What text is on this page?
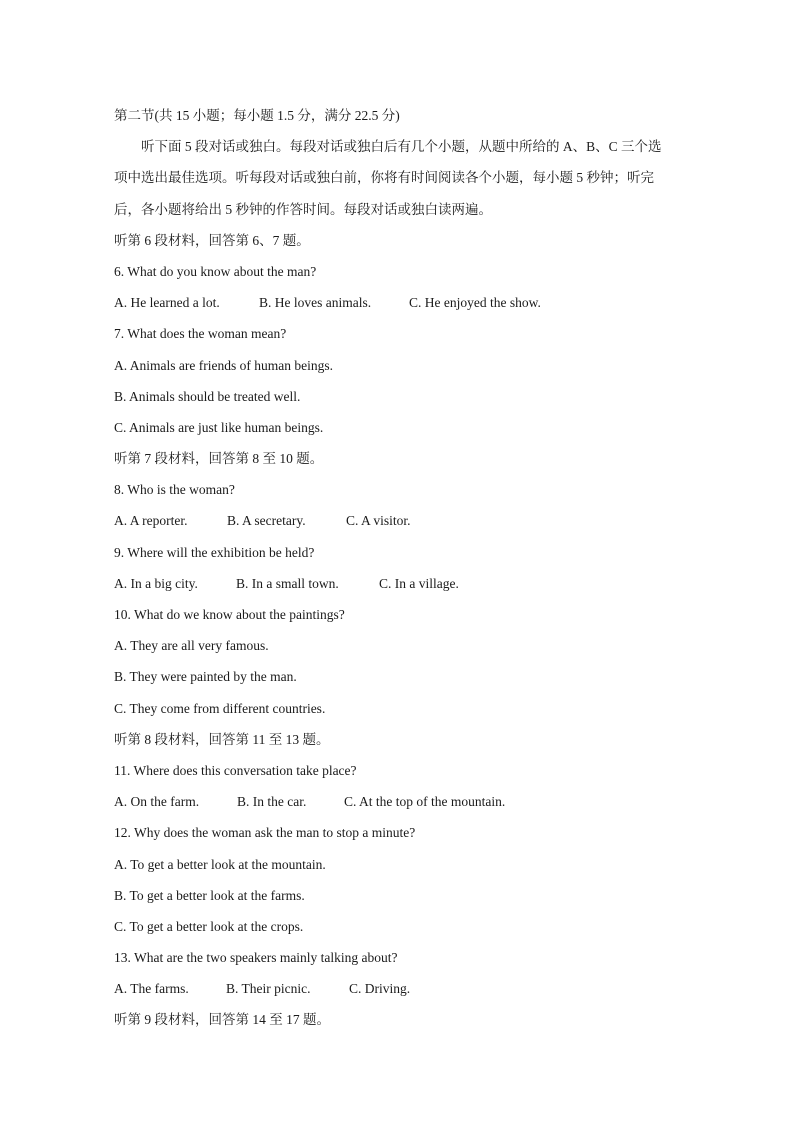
第二节(共 15 小题；每小题 1.5 分，满分 22.5 分)
听下面 5 段对话或独白。每段对话或独白后有几个小题，从题中所给的 A、B、C 三个选
项中选出最佳选项。听每段对话或独白前，你将有时间阅读各个小题，每小题 5 秒钟；听完
后，各小题将给出 5 秒钟的作答时间。每段对话或独白读两遍。
听第 6 段材料，回答第 6、7 题。
6. What do you know about the man?
A. He learned a lot.	B. He loves animals.	C. He enjoyed the show.
7. What does the woman mean?
A. Animals are friends of human beings.
B. Animals should be treated well.
C. Animals are just like human beings.
听第 7 段材料，回答第 8 至 10 题。
8. Who is the woman?
A. A reporter.	B. A secretary.	C. A visitor.
9. Where will the exhibition be held?
A. In a big city.	B. In a small town.	C. In a village.
10. What do we know about the paintings?
A. They are all very famous.
B. They were painted by the man.
C. They come from different countries.
听第 8 段材料，回答第 11 至 13 题。
11. Where does this conversation take place?
A. On the farm.	B. In the car.	C. At the top of the mountain.
12. Why does the woman ask the man to stop a minute?
A. To get a better look at the mountain.
B. To get a better look at the farms.
C. To get a better look at the crops.
13. What are the two speakers mainly talking about?
A. The farms.	B. Their picnic.	C. Driving.
听第 9 段材料，回答第 14 至 17 题。
